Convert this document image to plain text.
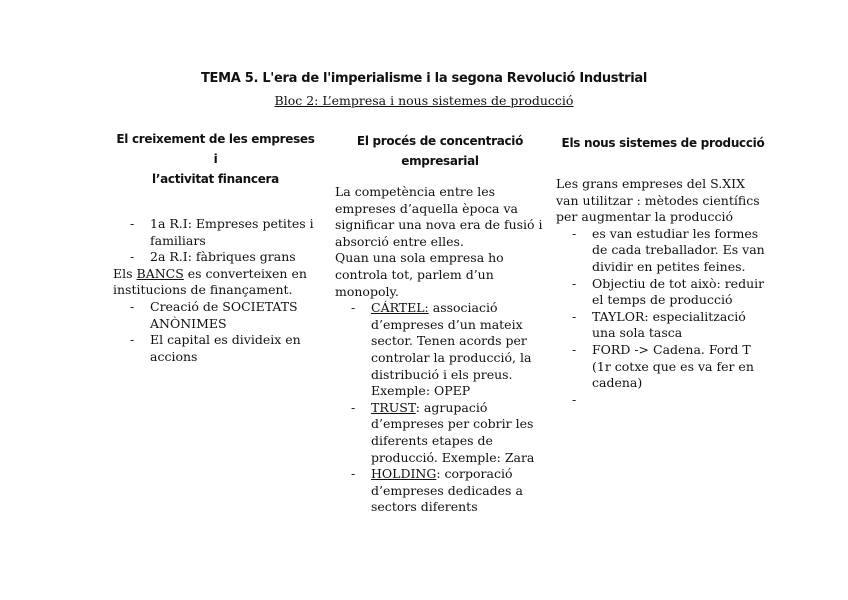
TEMA 5. L'era de l'imperialisme i la segona Revolució Industrial
Bloc 2: L’empresa i nous sistemes de producció
El creixement de les empreses i
l’activitat financera
- 1a R.I: Empreses petites i familiars
- 2a R.I: fàbriques grans

Els BANCS es converteixen en institucions de finançament.

- Creació de SOCIETATS ANÒNIMES
- El capital es divideix en accions
El procés de concentració
empresarial

La competència entre les empreses d’aquella època va significar una nova era de fusió i absorció entre elles.

Quan una sola empresa ho controla tot, parlem d’un monopoly.

- CÁRTEL: associació d’empreses d’un mateix sector. Tenen acords per controlar la producció, la distribució i els preus. Exemple: OPEP
- TRUST: agrupació d’empreses per cobrir les diferents etapes de producció. Exemple: Zara
- HOLDING: corporació d’empreses dedicades a sectors diferents
Els nous sistemes de producció

Les grans empreses del S.XIX van utilitzar : mètodes científics per augmentar la producció

- es van estudiar les formes de cada treballador. Es van dividir en petites feines.
- Objectiu de tot això: reduir el temps de producció
- TAYLOR: especialització una sola tasca
- FORD -> Cadena. Ford T (1r cotxe que es va fer en cadena)
-
